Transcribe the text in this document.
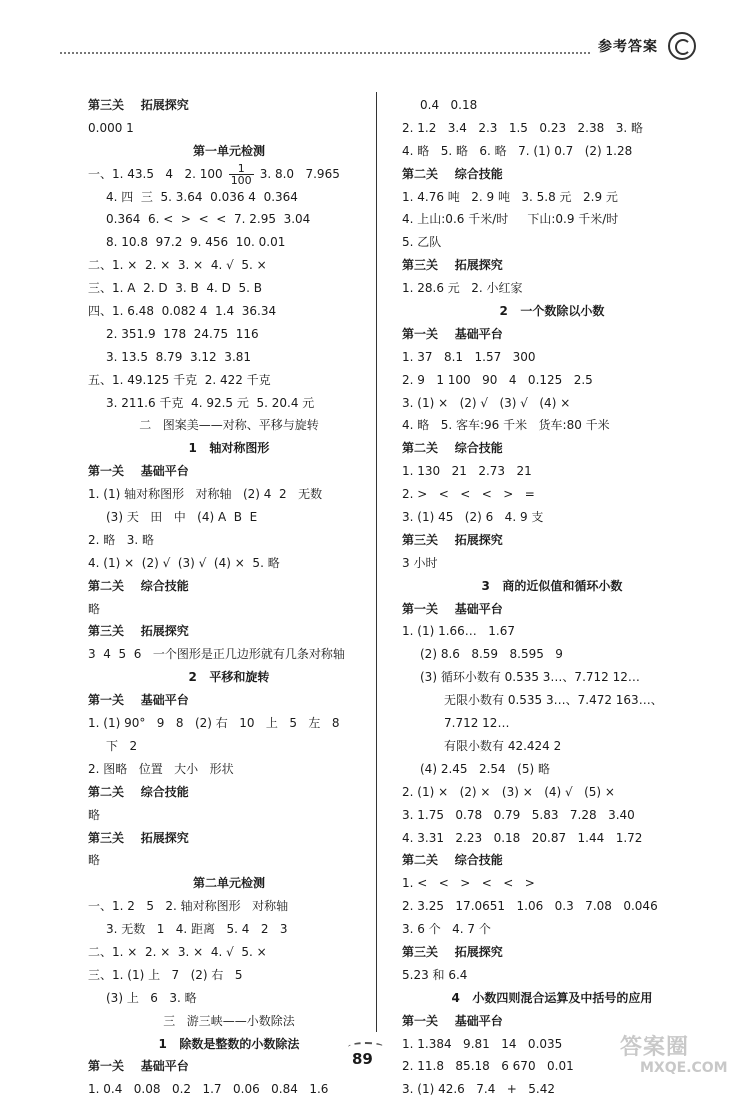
参考答案
第三关    拓展探究
0.000 1
第一单元检测
一、1. 43.5   4   2. $100 \frac{1}{100} 3$. 8.0   7.965
4. 四  三  5. 3.64  0.036 4  0.364
0.364  6. <  >  <  <  7. 2.95  3.04
8. 10.8  97.2  9. 456  10. 0.01
二、1. ×  2. ×  3. ×  4. √  5. ×
三、1. A  2. D  3. B  4. D  5. B
四、1. 6.48  0.082 4  1.4  36.34
2. 351.9  178  24.75  116
3. 13.5  8.79  3.12  3.81
五、1. 49.125 千克  2. 422 千克
3. 211.6 千克  4. 92.5 元  5. 20.4 元
二   图案美——对称、平移与旋转
1   轴对称图形
第一关    基础平台
1. (1) 轴对称图形   对称轴   (2) 4  2   无数
(3) 天   田   中   (4) A  B  E
2. 略   3. 略
4. (1) ×  (2) √  (3) √  (4) ×  5. 略
第二关    综合技能
略
第三关    拓展探究
3  4  5  6   一个图形是正几边形就有几条对称轴
2   平移和旋转
第一关    基础平台
1. (1) 90°   9   8   (2) 右   10   上   5   左   8
下   2
2. 图略   位置   大小   形状
第二关    综合技能
略
第三关    拓展探究
略
第二单元检测
一、1. 2   5   2. 轴对称图形   对称轴
3. 无数   1   4. 距离   5. 4   2   3
二、1. ×  2. ×  3. ×  4. √  5. ×
三、1. (1) 上   7   (2) 右   5
(3) 上   6   3. 略
三   游三峡——小数除法
1   除数是整数的小数除法
第一关    基础平台
1. 0.4   0.08   0.2   1.7   0.06   0.84   1.6
0.4   0.18
2. 1.2   3.4   2.3   1.5   0.23   2.38   3. 略
4. 略   5. 略   6. 略   7. (1) 0.7   (2) 1.28
第二关    综合技能
1. 4.76 吨   2. 9 吨   3. 5.8 元   2.9 元
4. 上山:0.6 千米/时     下山:0.9 千米/时
5. 乙队
第三关    拓展探究
1. 28.6 元   2. 小红家
2   一个数除以小数
第一关    基础平台
1. 37   8.1   1.57   300
2. 9   1 100   90   4   0.125   2.5
3. (1) ×   (2) √   (3) √   (4) ×
4. 略   5. 客车:96 千米   货车:80 千米
第二关    综合技能
1. 130   21   2.73   21
2. >   <   <   <   >   =
3. (1) 45   (2) 6   4. 9 支
第三关    拓展探究
3 小时
3   商的近似值和循环小数
第一关    基础平台
1. (1) 1.66…   1.67
(2) 8.6   8.59   8.595   9
(3) 循环小数有 0.535 3…、7.712 12…
无限小数有 0.535 3…、7.472 163…、
7.712 12…
有限小数有 42.424 2
(4) 2.45   2.54   (5) 略
2. (1) ×   (2) ×   (3) ×   (4) √   (5) ×
3. 1.75   0.78   0.79   5.83   7.28   3.40
4. 3.31   2.23   0.18   20.87   1.44   1.72
第二关    综合技能
1. <   <   >   <   <   >
2. 3.25   17.0651   1.06   0.3   7.08   0.046
3. 6 个   4. 7 个
第三关    拓展探究
5.23 和 6.4
4   小数四则混合运算及中括号的应用
第一关    基础平台
1. 1.384   9.81   14   0.035
2. 11.8   85.18   6 670   0.01
3. (1) 42.6   7.4   +   5.42
89	答案圈
MXQE.COM
